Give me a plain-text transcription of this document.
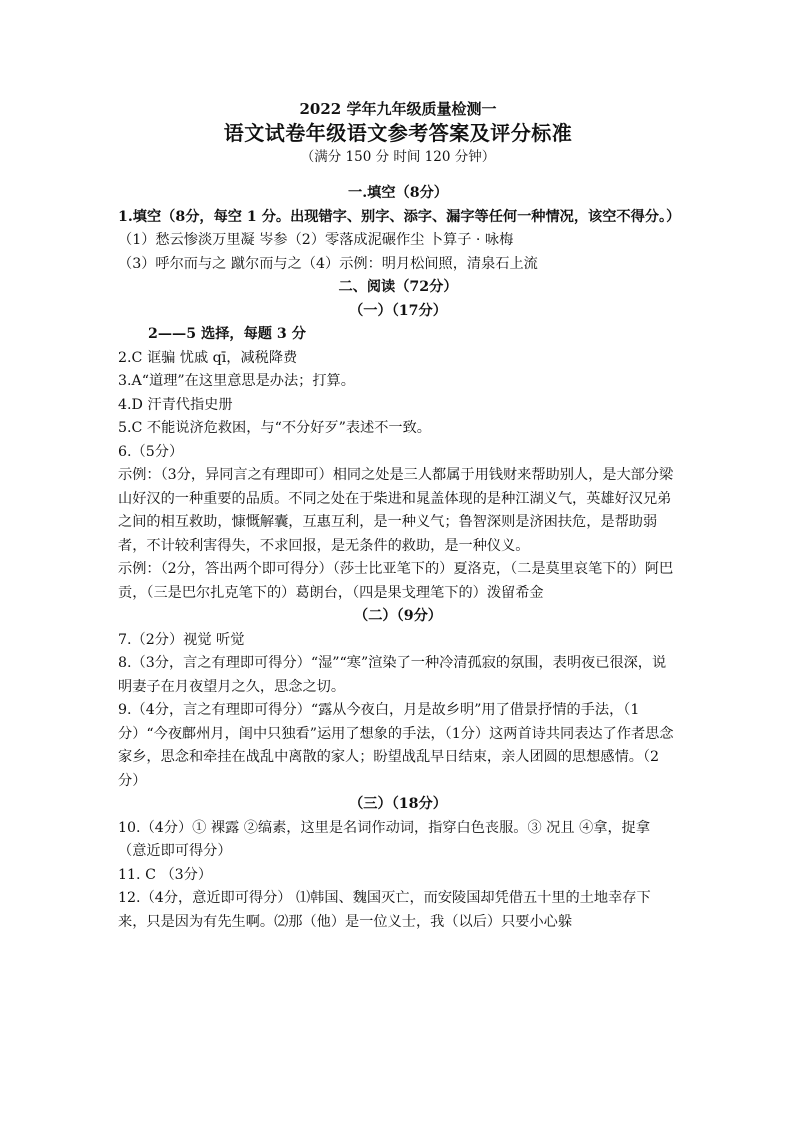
2022 学年九年级质量检测一
语文试卷年级语文参考答案及评分标准
（满分 150 分 时间 120 分钟）
一.填空（8分）

1.填空（8分，每空 1 分。出现错字、别字、添字、漏字等任何一种情况，该空不得分。）

（1）愁云惨淡万里凝 岑参（2）零落成泥碾作尘 卜算子 · 咏梅

（3）呼尔而与之 蹴尔而与之（4）示例：明月松间照，清泉石上流

二、阅读（72分）
（一）（17分）

2——5 选择，每题 3 分

2.C 诓骗 忧戚 qī，减税降费

3.A“道理”在这里意思是办法；打算。

4.D 汗青代指史册

5.C 不能说济危救困，与“不分好歹”表述不一致。

6.（5分）

示例：（3分，异同言之有理即可）相同之处是三人都属于用钱财来帮助别人，是大部分梁山好汉的一种重要的品质。不同之处在于柴进和晁盖体现的是种江湖义气，英雄好汉兄弟之间的相互救助，慷慨解囊，互惠互利，是一种义气；鲁智深则是济困扶危，是帮助弱者，不计较利害得失，不求回报，是无条件的救助，是一种仪义。

示例：（2分，答出两个即可得分）（莎士比亚笔下的）夏洛克，（二是莫里哀笔下的）阿巴贡，（三是巴尔扎克笔下的）葛朗台，（四是果戈理笔下的）泼留希金

（二）（9分）

7.（2分）视觉 听觉

8.（3分，言之有理即可得分）“湿”“寒”渲染了一种冷清孤寂的氛围，表明夜已很深，说明妻子在月夜望月之久，思念之切。

9.（4分，言之有理即可得分）“露从今夜白，月是故乡明”用了借景抒情的手法，（1分）“今夜鄜州月，闺中只独看”运用了想象的手法，（1分）这两首诗共同表达了作者思念家乡，思念和牵挂在战乱中离散的家人；盼望战乱早日结束，亲人团圆的思想感情。（2分）

（三）（18分）

10.（4分）① 裸露 ②缟素，这里是名词作动词，指穿白色丧服。③ 况且 ④拿，捉拿（意近即可得分）

11. C （3分）

12.（4分，意近即可得分） ⑴韩国、魏国灭亡，而安陵国却凭借五十里的土地幸存下来，只是因为有先生啊。⑵那（他）是一位义士，我（以后）只要小心躲
